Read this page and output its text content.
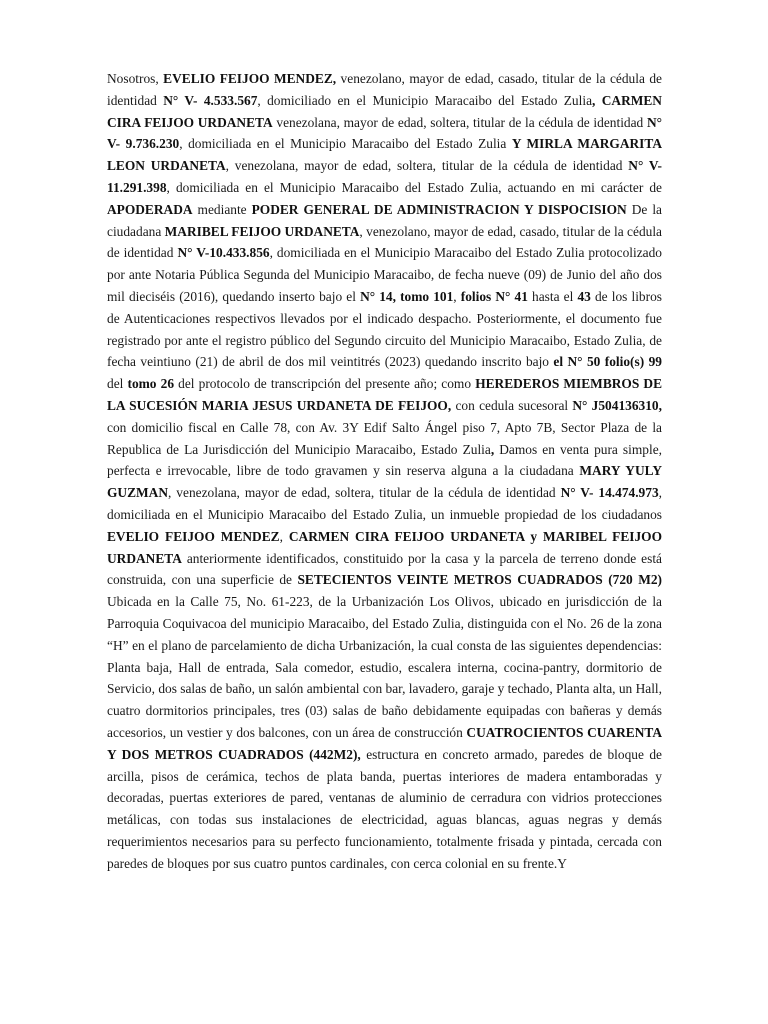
Nosotros, EVELIO FEIJOO MENDEZ, venezolano, mayor de edad, casado, titular de la cédula de identidad N° V- 4.533.567, domiciliado en el Municipio Maracaibo del Estado Zulia, CARMEN CIRA FEIJOO URDANETA venezolana, mayor de edad, soltera, titular de la cédula de identidad N° V- 9.736.230, domiciliada en el Municipio Maracaibo del Estado Zulia Y MIRLA MARGARITA LEON URDANETA, venezolana, mayor de edad, soltera, titular de la cédula de identidad N° V- 11.291.398, domiciliada en el Municipio Maracaibo del Estado Zulia, actuando en mi carácter de APODERADA mediante PODER GENERAL DE ADMINISTRACION Y DISPOCISION De la ciudadana MARIBEL FEIJOO URDANETA, venezolano, mayor de edad, casado, titular de la cédula de identidad N° V-10.433.856, domiciliada en el Municipio Maracaibo del Estado Zulia protocolizado por ante Notaria Pública Segunda del Municipio Maracaibo, de fecha nueve (09) de Junio del año dos mil dieciséis (2016), quedando inserto bajo el N° 14, tomo 101, folios N° 41 hasta el 43 de los libros de Autenticaciones respectivos llevados por el indicado despacho. Posteriormente, el documento fue registrado por ante el registro público del Segundo circuito del Municipio Maracaibo, Estado Zulia, de fecha veintiuno (21) de abril de dos mil veintitrés (2023) quedando inscrito bajo el N° 50 folio(s) 99 del tomo 26 del protocolo de transcripción del presente año; como HEREDEROS MIEMBROS DE LA SUCESIÓN MARIA JESUS URDANETA DE FEIJOO, con cedula sucesoral N° J504136310, con domicilio fiscal en Calle 78, con Av. 3Y Edif Salto Ángel piso 7, Apto 7B, Sector Plaza de la Republica de La Jurisdicción del Municipio Maracaibo, Estado Zulia, Damos en venta pura simple, perfecta e irrevocable, libre de todo gravamen y sin reserva alguna a la ciudadana MARY YULY GUZMAN, venezolana, mayor de edad, soltera, titular de la cédula de identidad N° V- 14.474.973, domiciliada en el Municipio Maracaibo del Estado Zulia, un inmueble propiedad de los ciudadanos EVELIO FEIJOO MENDEZ, CARMEN CIRA FEIJOO URDANETA y MARIBEL FEIJOO URDANETA anteriormente identificados, constituido por la casa y la parcela de terreno donde está construida, con una superficie de SETECIENTOS VEINTE METROS CUADRADOS (720 M2) Ubicada en la Calle 75, No. 61-223, de la Urbanización Los Olivos, ubicado en jurisdicción de la Parroquia Coquivacoa del municipio Maracaibo, del Estado Zulia, distinguida con el No. 26 de la zona “H” en el plano de parcelamiento de dicha Urbanización, la cual consta de las siguientes dependencias: Planta baja, Hall de entrada, Sala comedor, estudio, escalera interna, cocina-pantry, dormitorio de Servicio, dos salas de baño, un salón ambiental con bar, lavadero, garaje y techado, Planta alta, un Hall, cuatro dormitorios principales, tres (03) salas de baño debidamente equipadas con bañeras y demás accesorios, un vestier y dos balcones, con un área de construcción CUATROCIENTOS CUARENTA Y DOS METROS CUADRADOS (442M2), estructura en concreto armado, paredes de bloque de arcilla, pisos de cerámica, techos de plata banda, puertas interiores de madera entamboradas y decoradas, puertas exteriores de pared, ventanas de aluminio de cerradura con vidrios protecciones metálicas, con todas sus instalaciones de electricidad, aguas blancas, aguas negras y demás requerimientos necesarios para su perfecto funcionamiento, totalmente frisada y pintada, cercada con paredes de bloques por sus cuatro puntos cardinales, con cerca colonial en su frente.Y
